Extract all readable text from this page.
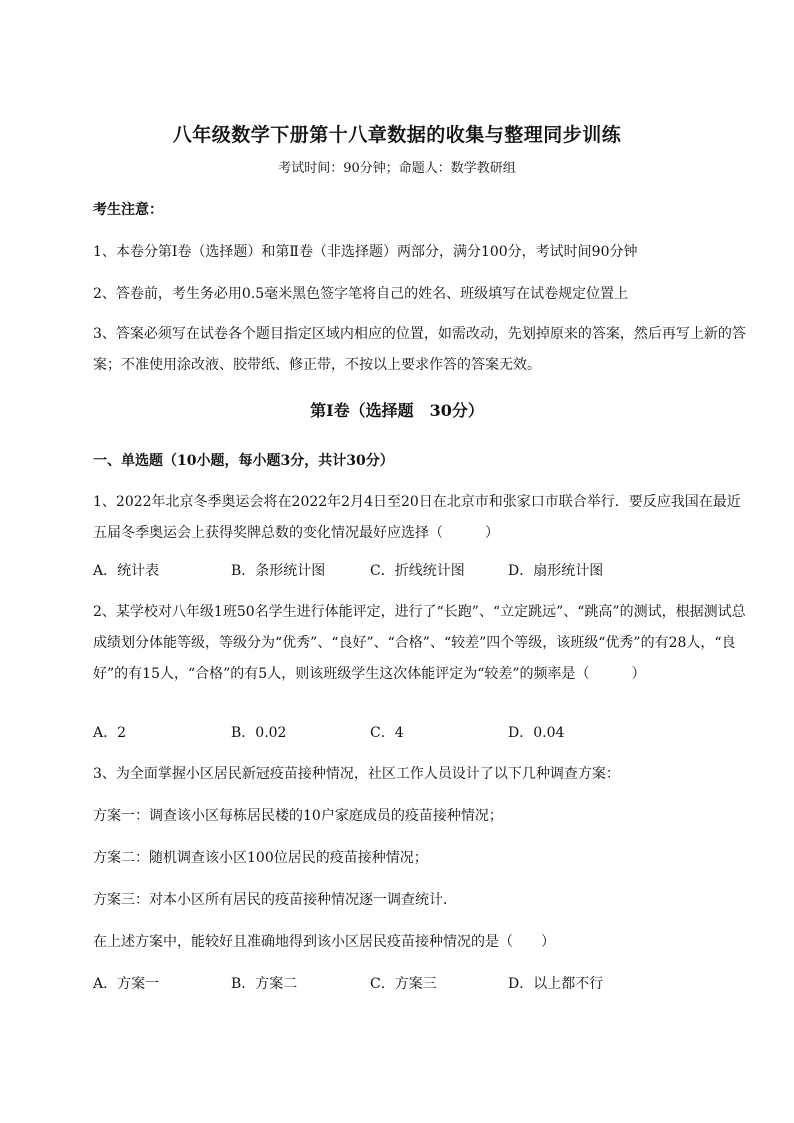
八年级数学下册第十八章数据的收集与整理同步训练
考试时间：90分钟；命题人：数学教研组
考生注意：
1、本卷分第I卷（选择题）和第Ⅱ卷（非选择题）两部分，满分100分，考试时间90分钟
2、答卷前，考生务必用0.5毫米黑色签字笔将自己的姓名、班级填写在试卷规定位置上
3、答案必须写在试卷各个题目指定区域内相应的位置，如需改动，先划掉原来的答案，然后再写上新的答案；不准使用涂改液、胶带纸、修正带，不按以上要求作答的答案无效。
第I卷（选择题　30分）
一、单选题（10小题，每小题3分，共计30分）
1、2022年北京冬季奥运会将在2022年2月4日至20日在北京市和张家口市联合举行．要反应我国在最近五届冬季奥运会上获得奖牌总数的变化情况最好应选择（　　　）
A．统计表	B．条形统计图	C．折线统计图	D．扇形统计图
2、某学校对八年级1班50名学生进行体能评定，进行了“长跑”、“立定跳远”、“跳高”的测试，根据测试总成绩划分体能等级，等级分为“优秀”、“良好”、“合格”、“较差”四个等级，该班级“优秀”的有28人，“良好”的有15人，“合格”的有5人，则该班级学生这次体能评定为“较差”的频率是（　　　）
A．2	B．0.02	C．4	D．0.04
3、为全面掌握小区居民新冠疫苗接种情况，社区工作人员设计了以下几种调查方案：
方案一：调查该小区每栋居民楼的10户家庭成员的疫苗接种情况；
方案二：随机调查该小区100位居民的疫苗接种情况；
方案三：对本小区所有居民的疫苗接种情况逐一调查统计．
在上述方案中，能较好且准确地得到该小区居民疫苗接种情况的是（　　）
A．方案一	B．方案二	C．方案三	D．以上都不行
